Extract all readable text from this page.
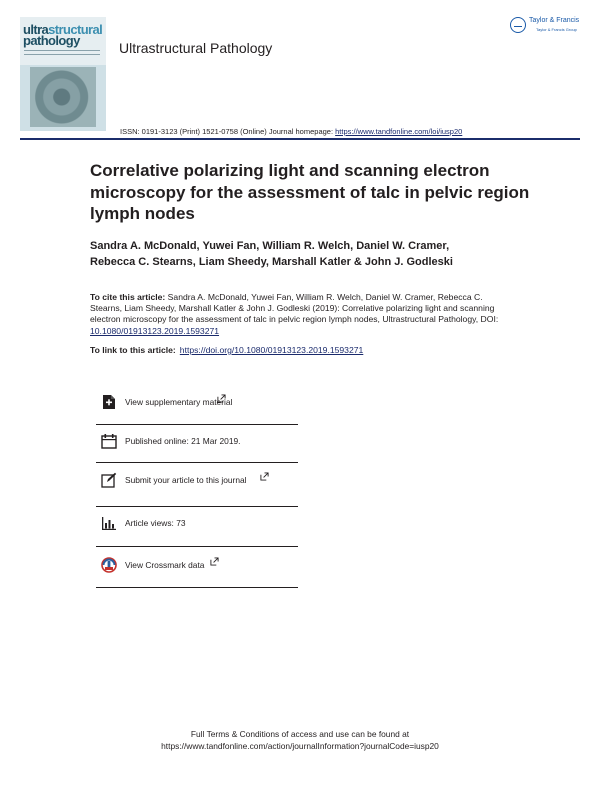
ultrastructural
pathology	Ultrastructural Pathology
Taylor & Francis
Taylor & Francis Group
ISSN: 0191-3123 (Print) 1521-0758 (Online) Journal homepage: https://www.tandfonline.com/loi/iusp20
Correlative polarizing light and scanning electron microscopy for the assessment of talc in pelvic region lymph nodes
Sandra A. McDonald, Yuwei Fan, William R. Welch, Daniel W. Cramer,
Rebecca C. Stearns, Liam Sheedy, Marshall Katler & John J. Godleski
To cite this article: Sandra A. McDonald, Yuwei Fan, William R. Welch, Daniel W. Cramer, Rebecca C. Stearns, Liam Sheedy, Marshall Katler & John J. Godleski (2019): Correlative polarizing light and scanning electron microscopy for the assessment of talc in pelvic region lymph nodes, Ultrastructural Pathology, DOI: 10.1080/01913123.2019.1593271
To link to this article: https://doi.org/10.1080/01913123.2019.1593271
View supplementary material
Published online: 21 Mar 2019.
Submit your article to this journal
Article views: 73
View Crossmark data
Full Terms & Conditions of access and use can be found at
https://www.tandfonline.com/action/journalInformation?journalCode=iusp20
